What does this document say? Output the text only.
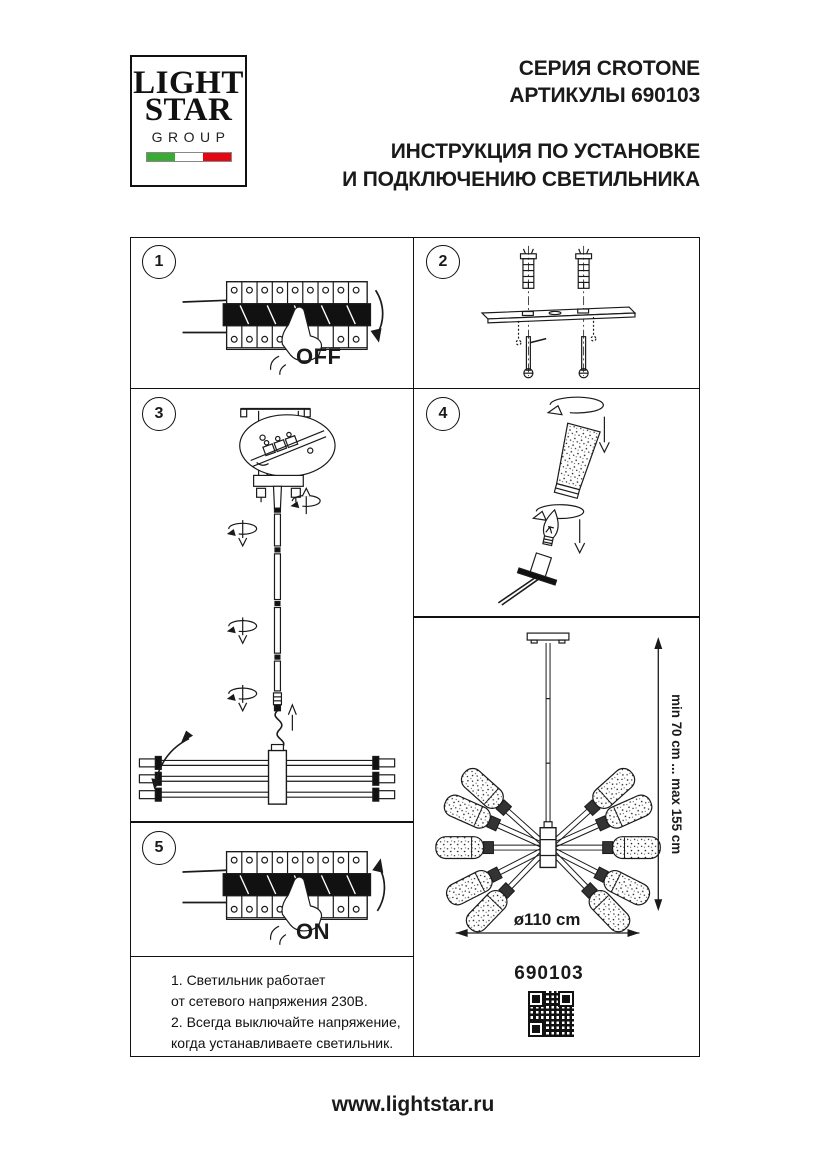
LIGHT
STAR
GROUP
СЕРИЯ CROTONE
АРТИКУЛЫ 690103
ИНСТРУКЦИЯ ПО УСТАНОВКЕ
И ПОДКЛЮЧЕНИЮ СВЕТИЛЬНИКА
1
OFF
2
3	4
5
ON
1. Светильник работает
от сетевого напряжения 230В.
2. Всегда выключайте напряжение,
когда устанавливаете светильник.
min 70 cm ... max 155 cm
ø110 cm
690103
www.lightstar.ru
